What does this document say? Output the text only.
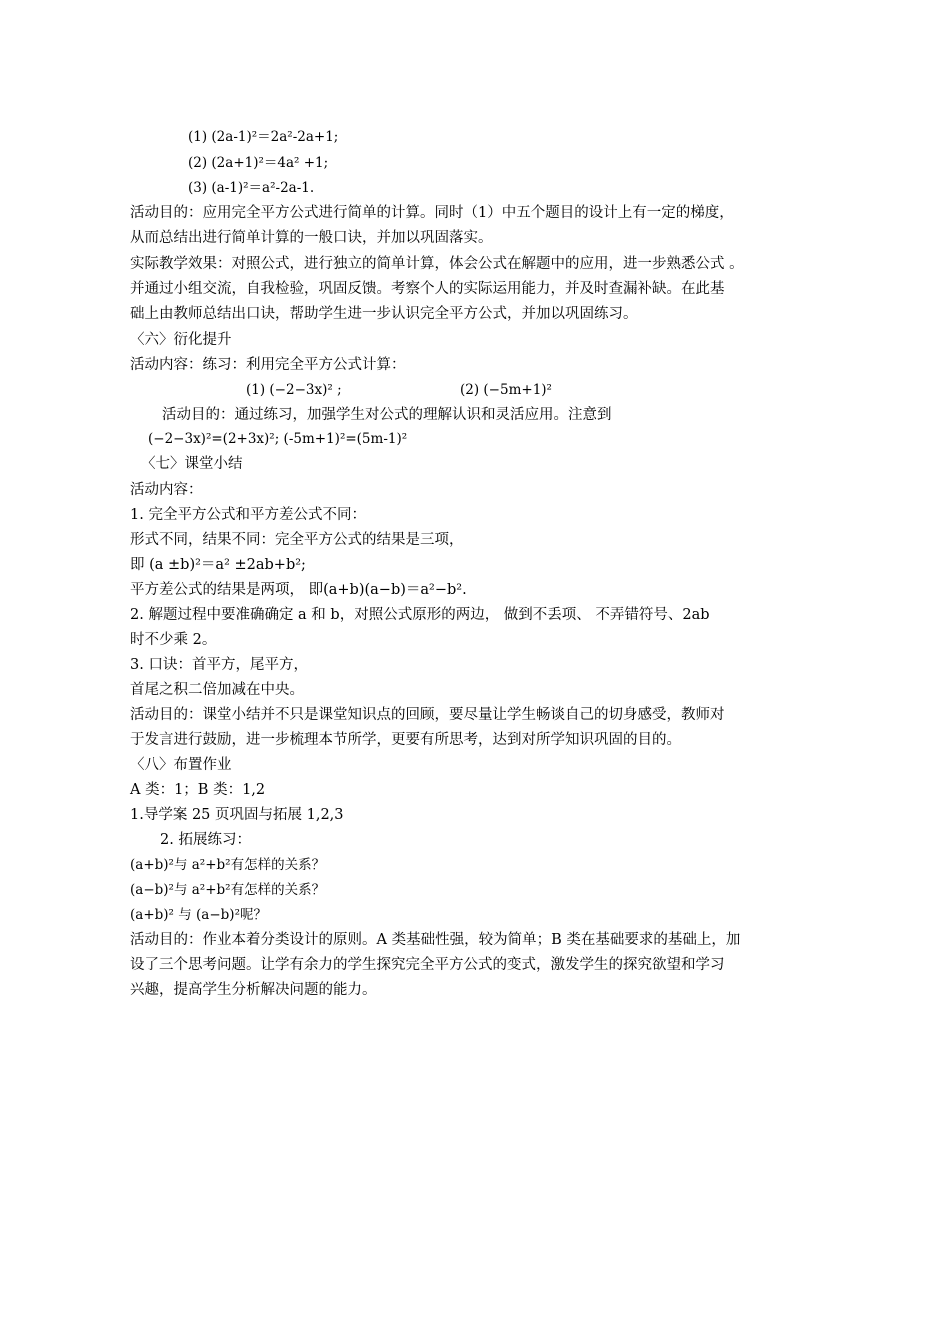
(1) (2a-1)²＝2a²-2a+1;
(2) (2a+1)²＝4a² +1;
(3) (a-1)²＝a²-2a-1.
活动目的：应用完全平方公式进行简单的计算。同时（1）中五个题目的设计上有一定的梯度，
从而总结出进行简单计算的一般口诀，并加以巩固落实。
实际教学效果：对照公式，进行独立的简单计算，体会公式在解题中的应用，进一步熟悉公式 。
并通过小组交流，自我检验，巩固反馈。考察个人的实际运用能力，并及时查漏补缺。在此基
础上由教师总结出口诀，帮助学生进一步认识完全平方公式，并加以巩固练习。
〈六〉衍化提升
活动内容：练习：利用完全平方公式计算：
(1) (−2−3x)² ;	(2) (−5m+1)²
活动目的：通过练习，加强学生对公式的理解认识和灵活应用。注意到
(−2−3x)²=(2+3x)²; (-5m+1)²=(5m-1)²
〈七〉课堂小结
活动内容：
1. 完全平方公式和平方差公式不同：
形式不同，结果不同：完全平方公式的结果是三项，
即 (a ±b)²＝a² ±2ab+b²;
平方差公式的结果是两项， 即(a+b)(a−b)＝a²−b².
2. 解题过程中要准确确定 a 和 b，对照公式原形的两边， 做到不丢项、 不弄错符号、2ab
时不少乘 2。
3. 口诀：首平方，尾平方，
首尾之积二倍加减在中央。
活动目的：课堂小结并不只是课堂知识点的回顾，要尽量让学生畅谈自己的切身感受，教师对
于发言进行鼓励，进一步梳理本节所学，更要有所思考，达到对所学知识巩固的目的。
〈八〉布置作业
A 类：1；B 类：1,2
1.导学案 25 页巩固与拓展 1,2,3
2. 拓展练习：
(a+b)²与 a²+b²有怎样的关系？
(a−b)²与 a²+b²有怎样的关系？
(a+b)² 与 (a−b)²呢？
活动目的：作业本着分类设计的原则。A 类基础性强，较为简单；B 类在基础要求的基础上，加
设了三个思考问题。让学有余力的学生探究完全平方公式的变式，激发学生的探究欲望和学习
兴趣，提高学生分析解决问题的能力。
